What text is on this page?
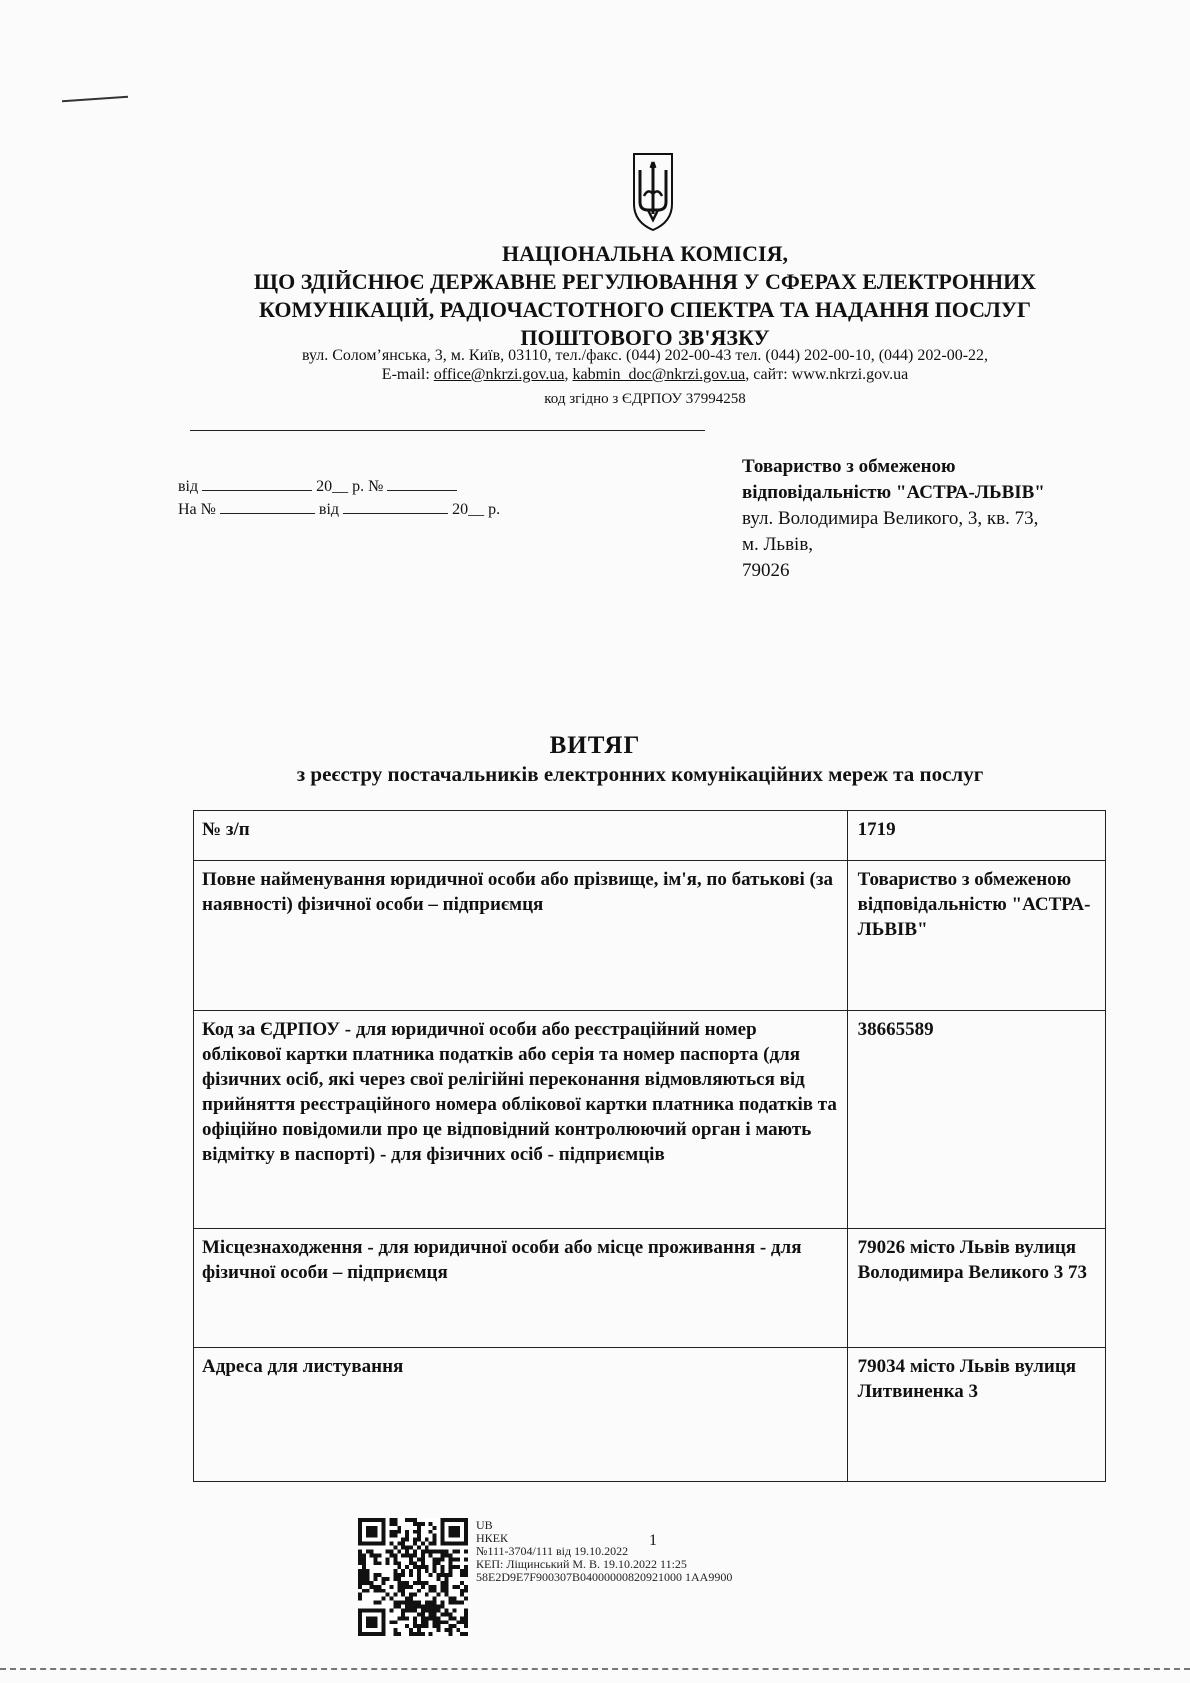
НАЦІОНАЛЬНА КОМІСІЯ,
ЩО ЗДІЙСНЮЄ ДЕРЖАВНЕ РЕГУЛЮВАННЯ У СФЕРАХ ЕЛЕКТРОННИХ
КОМУНІКАЦІЙ, РАДІОЧАСТОТНОГО СПЕКТРА ТА НАДАННЯ ПОСЛУГ
ПОШТОВОГО ЗВ'ЯЗКУ
вул. Солом’янська, 3, м. Київ, 03110, тел./факс. (044) 202-00-43 тел. (044) 202-00-10, (044) 202-00-22,
E-mail: office@nkrzi.gov.ua, kabmin_doc@nkrzi.gov.ua, сайт: www.nkrzi.gov.ua
код згідно з ЄДРПОУ 37994258
від	20__ р. №
На №	від	20__ р.
Товариство з обмеженою
відповідальністю "АСТРА-ЛЬВІВ"
вул. Володимира Великого, 3, кв. 73,
м. Львів,
79026
ВИТЯГ
з реєстру постачальників електронних комунікаційних мереж та послуг
№ з/п	1719
Повне найменування юридичної особи або прізвище, ім'я, по батькові (за наявності) фізичної особи – підприємця	Товариство з обмеженою відповідальністю "АСТРА-ЛЬВІВ"
Код за ЄДРПОУ - для юридичної особи або реєстраційний номер облікової картки платника податків або серія та номер паспорта (для фізичних осіб, які через свої релігійні переконання відмовляються від прийняття реєстраційного номера облікової картки платника податків та офіційно повідомили про це відповідний контролюючий орган і мають відмітку в паспорті) - для фізичних осіб - підприємців	38665589
Місцезнаходження - для юридичної особи або місце проживання - для фізичної особи – підприємця	79026 місто Львів вулиця Володимира Великого 3 73
Адреса для листування	79034 місто Львів вулиця Литвиненка 3
UB
НКЕК
№111-3704/111 від 19.10.2022
КЕП: Ліщинський М. В. 19.10.2022 11:25
58E2D9E7F900307B04000000820921000 1AA9900
1
